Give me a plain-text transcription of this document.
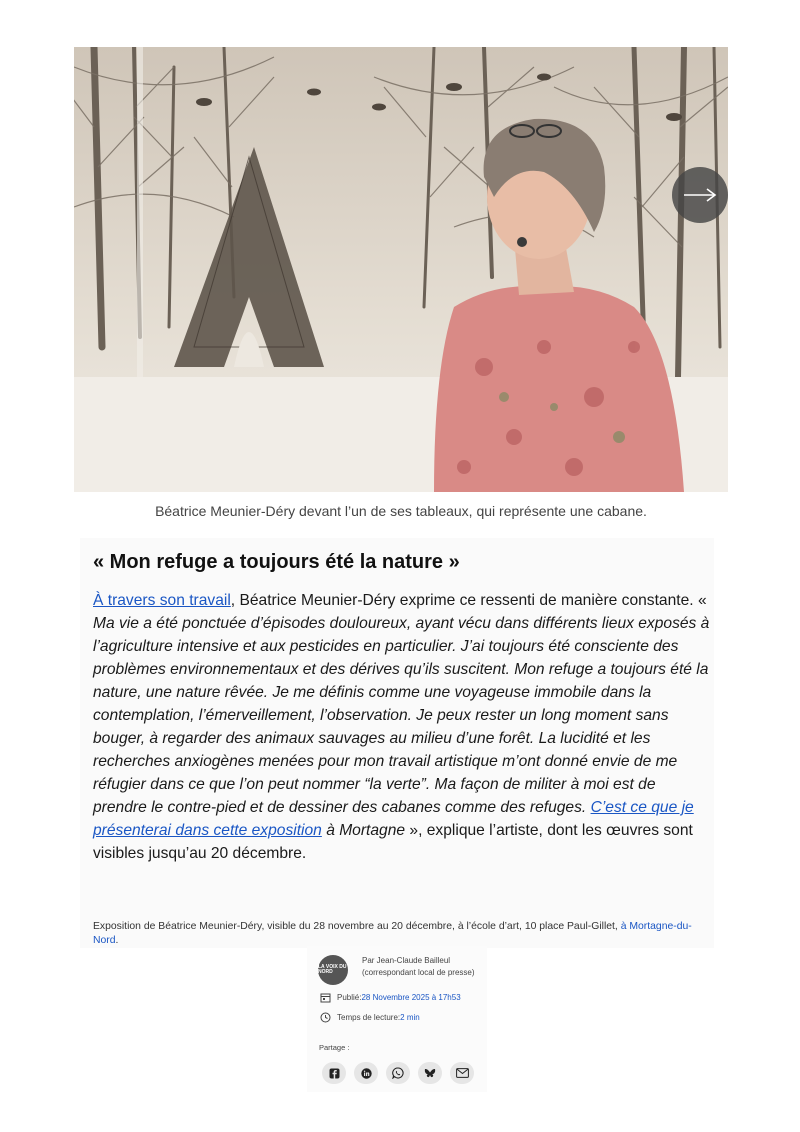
Béatrice Meunier-Déry devant l’un de ses tableaux, qui représente une cabane.
« Mon refuge a toujours été la nature »

À travers son travail, Béatrice Meunier-Déry exprime ce ressenti de manière constante. « Ma vie a été ponctuée d’épisodes douloureux, ayant vécu dans différents lieux exposés à l’agriculture intensive et aux pesticides en particulier. J’ai toujours été consciente des problèmes environnementaux et des dérives qu’ils suscitent. Mon refuge a toujours été la nature, une nature rêvée. Je me définis comme une voyageuse immobile dans la contemplation, l’émerveillement, l’observation. Je peux rester un long moment sans bouger, à regarder des animaux sauvages au milieu d’une forêt. La lucidité et les recherches anxiogènes menées pour mon travail artistique m’ont donné envie de me réfugier dans ce que l’on peut nommer “la verte”. Ma façon de militer à moi est de prendre le contre-pied et de dessiner des cabanes comme des refuges. C’est ce que je présenterai dans cette exposition à Mortagne », explique l’artiste, dont les œuvres sont visibles jusqu’au 20 décembre.

Exposition de Béatrice Meunier-Déry, visible du 28 novembre au 20 décembre, à l’école d’art, 10 place Paul-Gillet, à Mortagne-du-Nord.

LA VOIX DU NORD
Par Jean-Claude Bailleul
(correspondant local de presse)
Publié:28 Novembre 2025 à 17h53
Temps de lecture:2 min
Partage :
